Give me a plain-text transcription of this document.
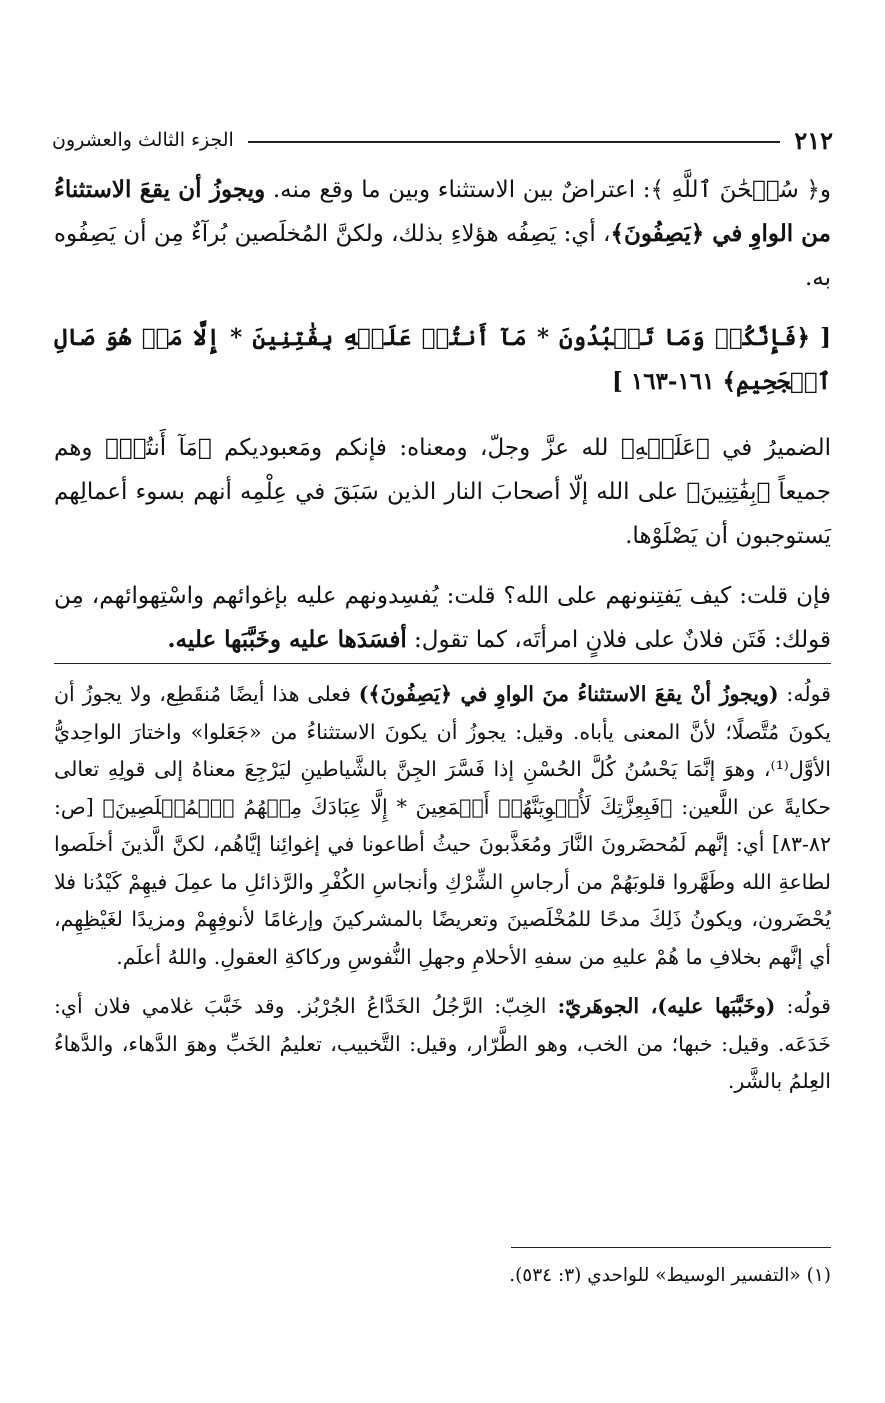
٢١٢
الجزء الثالث والعشرون

و﴿ سُبۡحَٰنَ ٱللَّهِ ﴾: اعتراضٌ بين الاستثناء وبين ما وقع منه. ويجوزُ أن يقعَ الاستثناءُ من الواوِ في ﴿يَصِفُونَ﴾، أي: يَصِفُه هؤلاءِ بذلك، ولكنَّ المُخلَصين بُرآءٌ مِن أن يَصِفُوه به.

[ ﴿فَإِنَّكُمۡ وَمَا تَعۡبُدُونَ * مَآ أَنتُمۡ عَلَيۡهِ بِفَٰتِنِينَ * إِلَّا مَنۡ هُوَ صَالِ ٱلۡجَحِيمِ﴾ ١٦١-١٦٣ ]

الضميرُ في ﴿عَلَيۡهِ﴾ لله عزَّ وجلّ، ومعناه: فإنكم ومَعبوديكم ﴿مَآ أَنتُمۡ﴾ وهم جميعاً ﴿بِفَٰتِنِينَ﴾ على الله إلّا أصحابَ النار الذين سَبَقَ في عِلْمِه أنهم بسوء أعمالِهم يَستوجبون أن يَصْلَوْها.

فإن قلت: كيف يَفتِنونهم على الله؟ قلت: يُفسِدونهم عليه بإغوائهم واسْتِهوائهم، مِن قولك: فَتَن فلانٌ على فلانٍ امرأتَه، كما تقول: أفسَدَها عليه وخَبَّبَها عليه.

قولُه: (ويجوزُ أنْ يقعَ الاستثناءُ منَ الواوِ في ﴿يَصِفُونَ﴾) فعلى هذا أيضًا مُنقَطِع، ولا يجوزُ أن يكونَ مُتَّصلًا؛ لأنَّ المعنى يأباه. وقيل: يجوزُ أن يكونَ الاستثناءُ من «جَعَلوا» واختارَ الواحِديُّ الأوَّل⁽¹⁾، وهوَ إنَّمَا يَحْسُنُ كُلَّ الحُسْنِ إذا فَسَّرَ الجِنَّ بالشَّياطينِ ليَرْجِعَ معناهُ إلى قولِهِ تعالى حكايةً عن اللَّعين: ﴿فَبِعِزَّتِكَ لَأُغۡوِيَنَّهُمۡ أَجۡمَعِينَ * إِلَّا عِبَادَكَ مِنۡهُمُ ٱلۡمُخۡلَصِينَ﴾ [ص: ٨٢-٨٣] أي: إنَّهم لَمُحضَرونَ النَّارَ ومُعَذَّبونَ حيثُ أطاعونا في إغوائِنا إيَّاهُم، لكنَّ الَّذينَ أخلَصوا لطاعةِ الله وطَهَّروا قلوبَهُمْ من أرجاسِ الشِّرْكِ وأنجاسِ الكُفْرِ والرَّذائلِ ما عمِلَ فيهِمْ كَيْدُنا فلا يُحْضَرون، ويكونُ ذَلِكَ مدحًا للمُخْلَصينَ وتعريضًا بالمشركينَ وإرغامًا لأنوفِهِمْ ومزيدًا لغَيْظِهِم، أي إنَّهم بخلافِ ما هُمْ عليهِ من سفهِ الأحلامِ وجهلِ النُّفوسِ وركاكةِ العقولِ. واللهُ أعلَم.

قولُه: (وخَبَّبَها عليه)، الجوهَريّ: الخِبّ: الرَّجُلُ الخَدَّاعُ الجُرْبُز. وقد خَبَّبَ غلامي فلان أي: خَدَعَه. وقيل: خبها؛ من الخب، وهو الطَّرّار، وقيل: التَّخبيب، تعليمُ الخَبِّ وهوَ الدَّهاء، والدَّهاءُ العِلمُ بالشَّر.

(١) «التفسير الوسيط» للواحدي (٣: ٥٣٤).
